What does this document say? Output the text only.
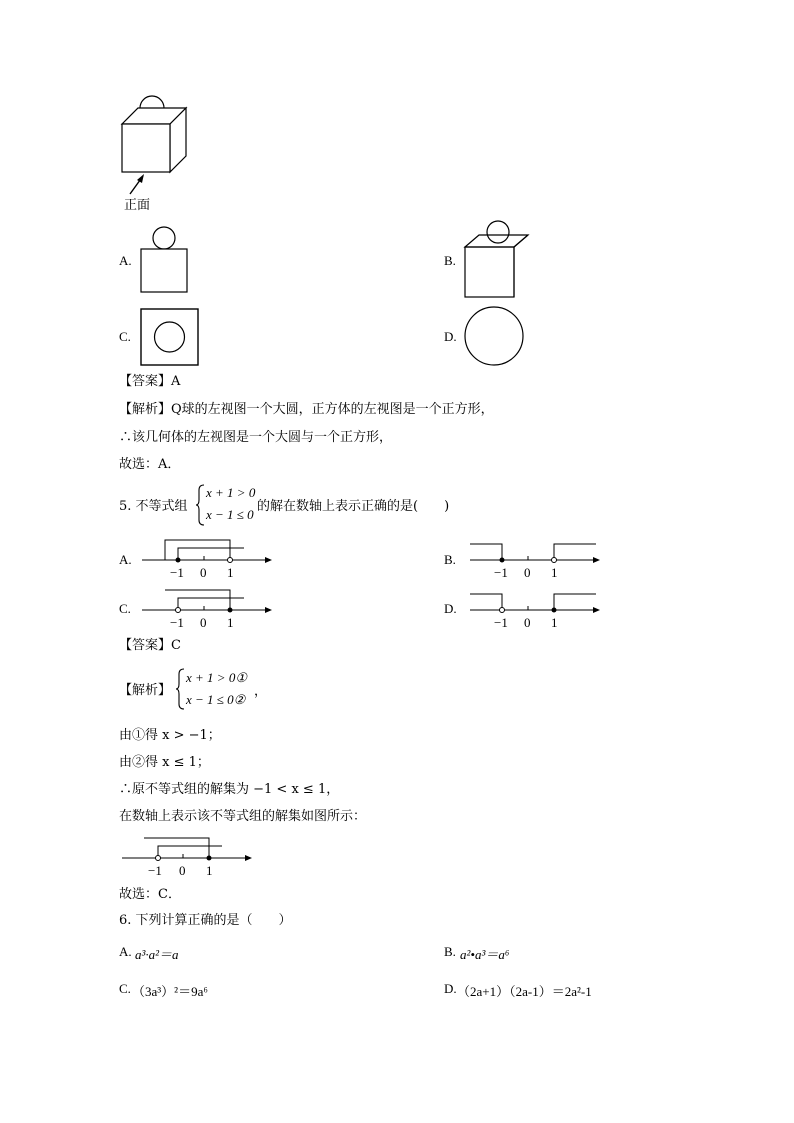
正面
A.	B.
C.	D.
【答案】A
【解析】Q球的左视图一个大圆，正方体的左视图是一个正方形，
∴该几何体的左视图是一个大圆与一个正方形，
故选：A．
5. 不等式组
x + 1 > 0
x − 1 ≤ 0
的解在数轴上表示正确的是(　　)
A.
−1 0 1
B.
−1 0 1
C.
−1 0 1
D.
−1 0 1
【答案】C
【解析】
x + 1 > 0①
x − 1 ≤ 0②
，
由①得 x > −1；
由②得 x ≤ 1；
∴原不等式组的解集为 −1 < x ≤ 1，
在数轴上表示该不等式组的解集如图所示：
−1 0 1
故选：C．
6. 下列计算正确的是（　　）
A. a³·a²＝a	B. a²•a³＝a⁶
C. （3a³）²＝9a⁶	D. （2a+1）（2a-1）＝2a²-1
